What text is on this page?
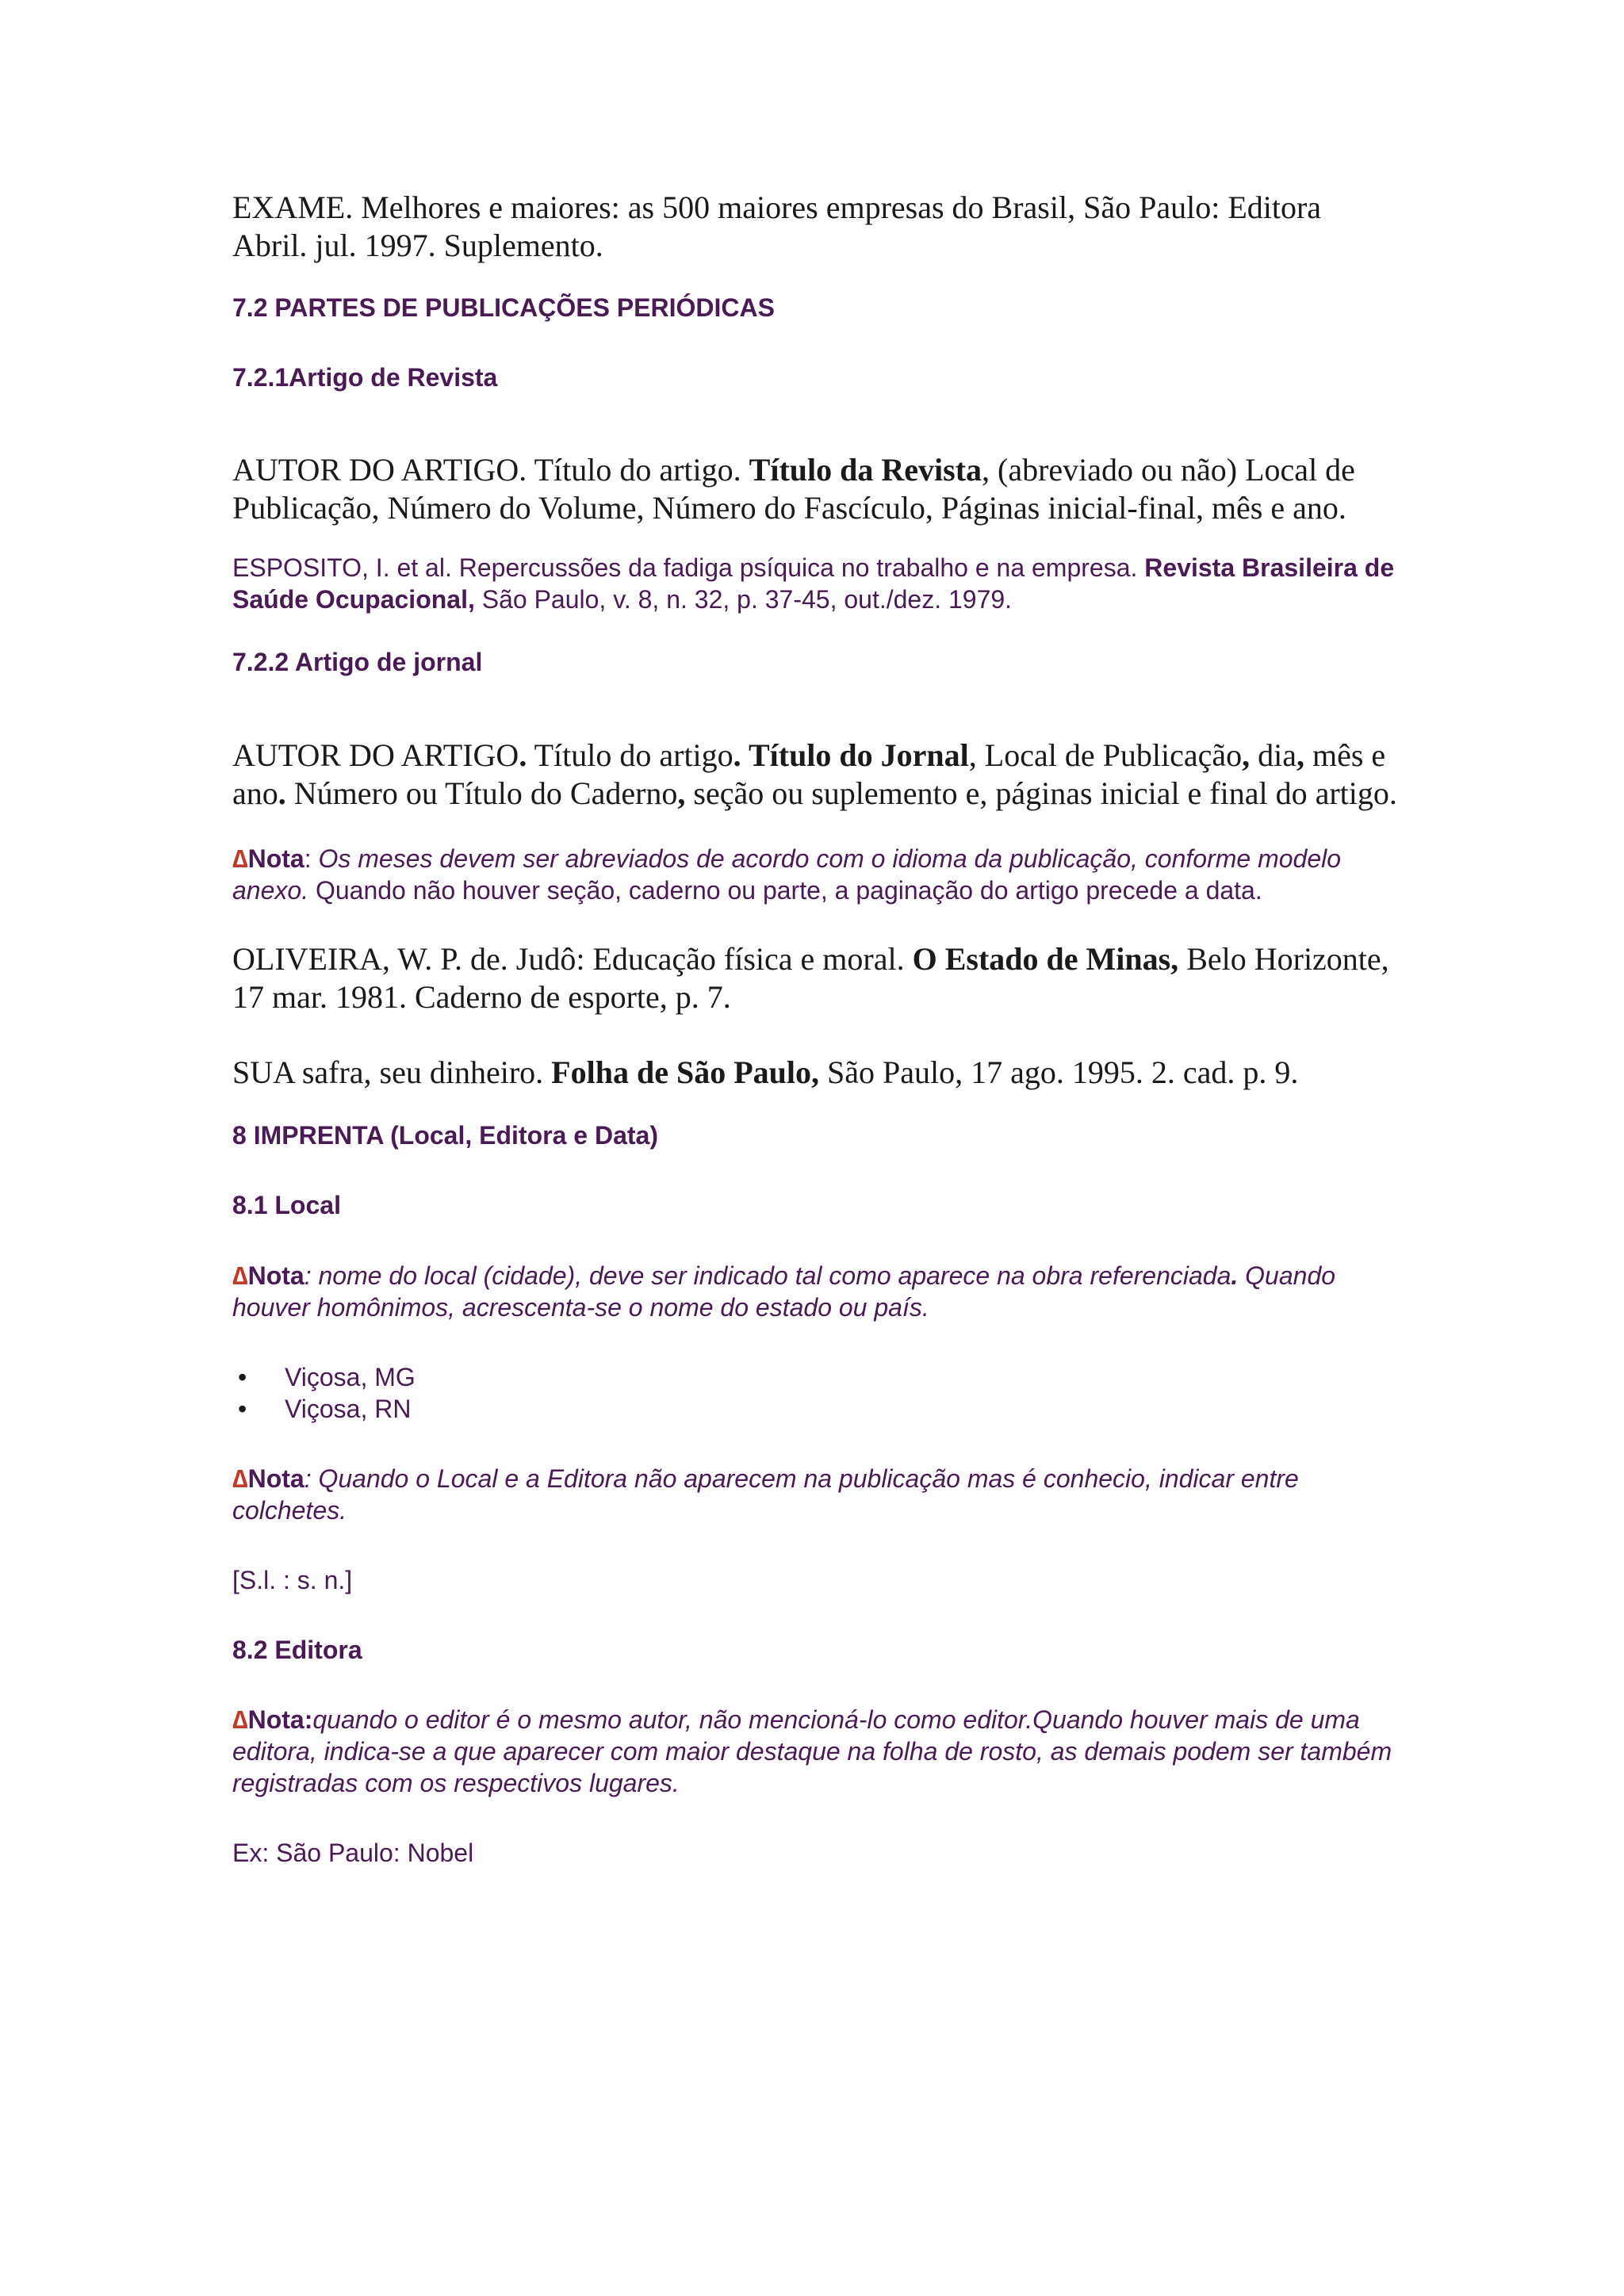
EXAME. Melhores e maiores: as 500 maiores empresas do Brasil, São Paulo: Editora Abril. jul. 1997. Suplemento.

7.2 PARTES DE PUBLICAÇÕES PERIÓDICAS

7.2.1Artigo de Revista

AUTOR DO ARTIGO. Título do artigo. Título da Revista, (abreviado ou não) Local de Publicação, Número do Volume, Número do Fascículo, Páginas inicial-final, mês e ano.

ESPOSITO, I. et al. Repercussões da fadiga psíquica no trabalho e na empresa. Revista Brasileira de Saúde Ocupacional, São Paulo, v. 8, n. 32, p. 37-45, out./dez. 1979.

7.2.2 Artigo de jornal

AUTOR DO ARTIGO. Título do artigo. Título do Jornal, Local de Publicação, dia, mês e ano. Número ou Título do Caderno, seção ou suplemento e, páginas inicial e final do artigo.

∆Nota: Os meses devem ser abreviados de acordo com o idioma da publicação, conforme modelo anexo. Quando não houver seção, caderno ou parte, a paginação do artigo precede a data.

OLIVEIRA, W. P. de. Judô: Educação física e moral. O Estado de Minas, Belo Horizonte, 17 mar. 1981. Caderno de esporte, p. 7.

SUA safra, seu dinheiro. Folha de São Paulo, São Paulo, 17 ago. 1995. 2. cad. p. 9.

8 IMPRENTA (Local, Editora e Data)

8.1 Local

∆Nota: nome do local (cidade), deve ser indicado tal como aparece na obra referenciada. Quando houver homônimos, acrescenta-se o nome do estado ou país.

• Viçosa, MG
• Viçosa, RN

∆Nota: Quando o Local e a Editora não aparecem na publicação mas é conhecio, indicar entre colchetes.

[S.l. : s. n.]

8.2 Editora

∆Nota:quando o editor é o mesmo autor, não mencioná-lo como editor.Quando houver mais de uma editora, indica-se a que aparecer com maior destaque na folha de rosto, as demais podem ser também registradas com os respectivos lugares.

Ex: São Paulo: Nobel
